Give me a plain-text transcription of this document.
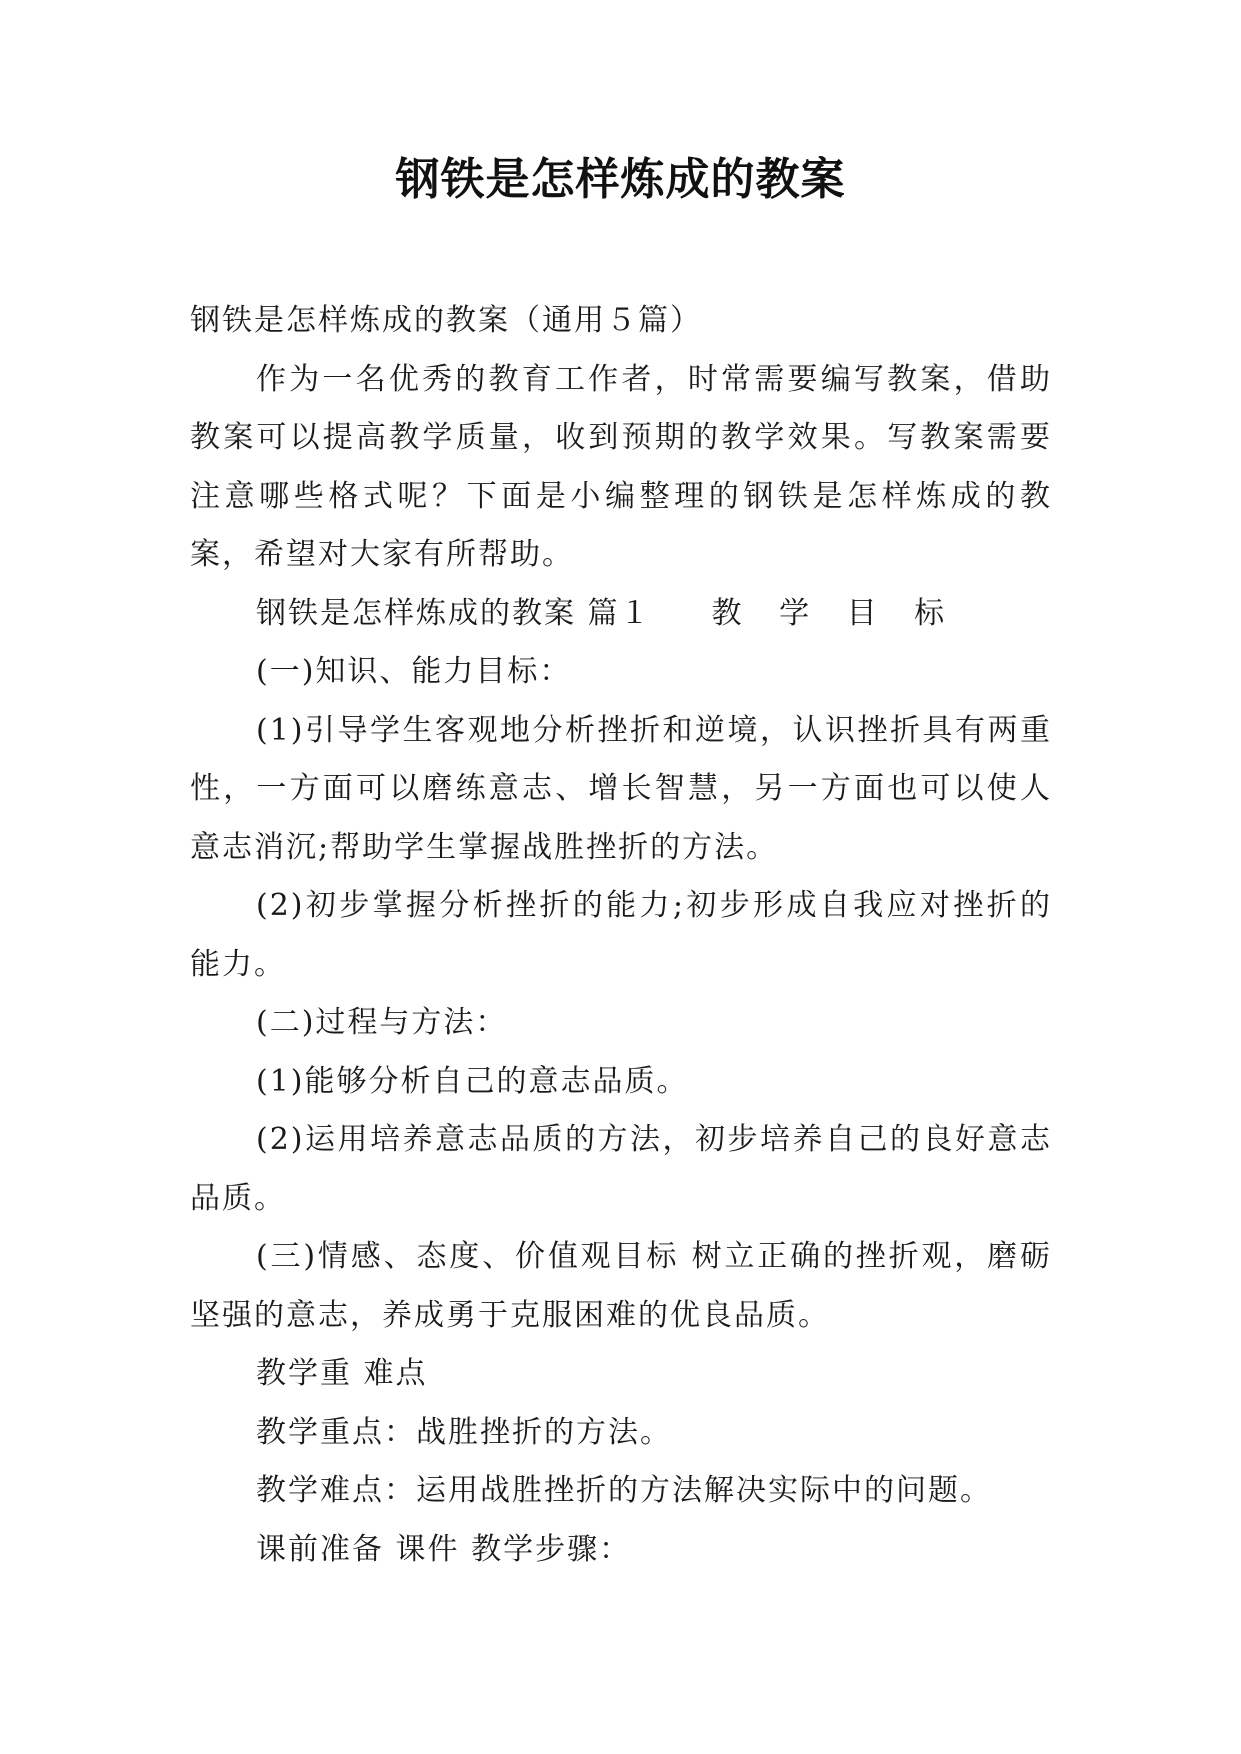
钢铁是怎样炼成的教案

钢铁是怎样炼成的教案（通用５篇）

作为一名优秀的教育工作者，时常需要编写教案，借助教案可以提高教学质量，收到预期的教学效果。写教案需要注意哪些格式呢？下面是小编整理的钢铁是怎样炼成的教案，希望对大家有所帮助。

钢铁是怎样炼成的教案 篇１ 教 学 目 标

(一)知识、能力目标：

(1)引导学生客观地分析挫折和逆境，认识挫折具有两重性，一方面可以磨练意志、增长智慧，另一方面也可以使人意志消沉;帮助学生掌握战胜挫折的方法。

(2)初步掌握分析挫折的能力;初步形成自我应对挫折的能力。

(二)过程与方法：

(1)能够分析自己的意志品质。

(2)运用培养意志品质的方法，初步培养自己的良好意志品质。

(三)情感、态度、价值观目标 树立正确的挫折观，磨砺坚强的意志，养成勇于克服困难的优良品质。

教学重 难点

教学重点：战胜挫折的方法。

教学难点：运用战胜挫折的方法解决实际中的问题。

课前准备 课件 教学步骤：
